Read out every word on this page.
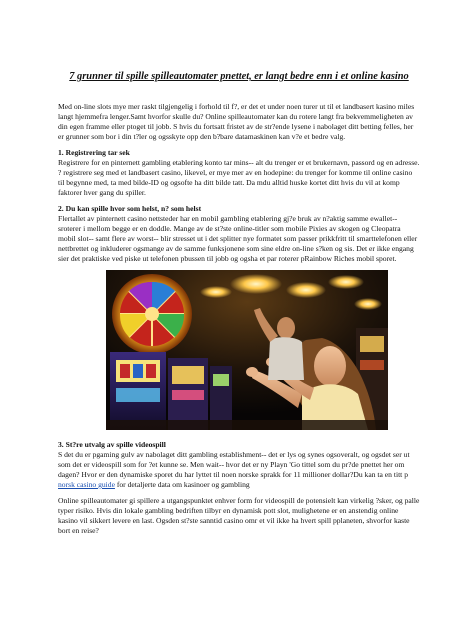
7 grunner til spille spilleautomater pnettet, er langt bedre enn i et online kasino

Med on-line slots mye mer raskt tilgjengelig i forhold til f?, er det et under noen turer ut til et landbasert kasino miles langt hjemmefra lenger.Samt hvorfor skulle du? Online spilleautomater kan du rotere langt fra bekvemmeligheten av din egen framme eller ptoget til jobb. S hvis du fortsatt fristet av de str?ende lysene i nabolaget ditt betting felles, her er grunner som bor i din t?ler og ogsskyte opp den b?bare datamaskinen kan v?e et bedre valg.

1. Registrering tar sek

Registrere for en pinternett gambling etablering konto tar mins-- alt du trenger er et brukernavn, passord og en adresse. ? registrere seg med et landbasert casino, likevel, er mye mer av en hodepine: du trenger for komme til online casino til begynne med, ta med bilde-ID og ogsofte ha ditt bilde tatt. Da mdu alltid huske kortet ditt hvis du vil at komp faktorer hver gang du spiller.

2. Du kan spille hvor som helst, n? som helst

Flertallet av pinternett casino nettsteder har en mobil gambling etablering gj?e bruk av n?aktig samme ewallet-- sroterer i mellom begge er en doddle. Mange av de st?ste online-titler som mobile Pixies av skogen og Cleopatra mobil slot-- samt flere av worst-- blir stresset ut i det splitter nye formatet som passer prikkfritt til smarttelefonen eller nettbrettet og inkluderer ogsmange av de samme funksjonene som sine eldre on-line s?ken og sis. Det er ikke engang sier det praktiske ved piske ut telefonen pbussen til jobb og ogsha et par roterer pRainbow Riches mobil sporet.

3. St?re utvalg av spille videospill

S det du er pgaming gulv av nabolaget ditt gambling establishment-- det er lys og synes ogsoveralt, og ogsdet ser ut som det er videospill som for ?et kunne se. Men wait-- hvor det er ny Playn 'Go tittel som du pr?de pnettet her om dagen? Hvor er den dynamiske sporet du har lyttet til noen norske sprakk for 11 millioner dollar?Du kan ta en titt p norsk casino guide for detaljerte data om kasinoer og gambling

Online spilleautomater gi spillere a utgangspunktet enhver form for videospill de potensielt kan virkelig ?sker, og palle typer risiko. Hvis din lokale gambling bedriften tilbyr en dynamisk pott slot, mulighetene er en anstendig online kasino vil sikkert levere en last. Ogsden st?ste sanntid casino omr et vil ikke ha hvert spill pplaneten, shvorfor kaste bort en reise?
